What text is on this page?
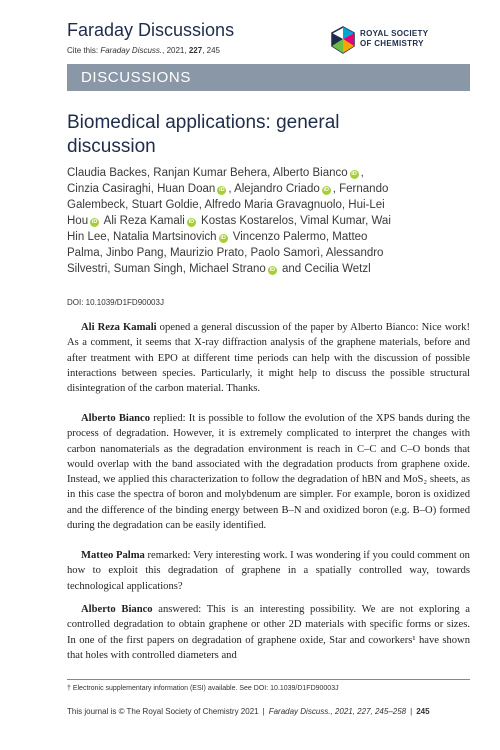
Faraday Discussions
Cite this: Faraday Discuss., 2021, 227, 245
ROYAL SOCIETY
OF CHEMISTRY
DISCUSSIONS
Biomedical applications: general discussion
Claudia Backes, Ranjan Kumar Behera, Alberto Bianco iD , Cinzia Casiraghi, Huan Doan iD , Alejandro Criado iD , Fernando Galembeck, Stuart Goldie, Alfredo Maria Gravagnuolo, Hui-Lei Hou iD Ali Reza Kamali iD Kostas Kostarelos, Vimal Kumar, Wai Hin Lee, Natalia Martsinovich iD Vincenzo Palermo, Matteo Palma, Jinbo Pang, Maurizio Prato, Paolo Samorì, Alessandro Silvestri, Suman Singh, Michael Strano iD and Cecilia Wetzl
DOI: 10.1039/D1FD90003J
Ali Reza Kamali opened a general discussion of the paper by Alberto Bianco: Nice work! As a comment, it seems that X-ray diffraction analysis of the graphene materials, before and after treatment with EPO at different time periods can help with the discussion of possible interactions between species. Particularly, it might help to discuss the possible structural disintegration of the carbon material. Thanks.
Alberto Bianco replied: It is possible to follow the evolution of the XPS bands during the process of degradation. However, it is extremely complicated to interpret the changes with carbon nanomaterials as the degradation environment is reach in C–C and C–O bonds that would overlap with the band associated with the degradation products from graphene oxide. Instead, we applied this characterization to follow the degradation of hBN and MoS₂ sheets, as in this case the spectra of boron and molybdenum are simpler. For example, boron is oxidized and the difference of the binding energy between B–N and oxidized boron (e.g. B–O) formed during the degradation can be easily identified.
Matteo Palma remarked: Very interesting work. I was wondering if you could comment on how to exploit this degradation of graphene in a spatially controlled way, towards technological applications?
Alberto Bianco answered: This is an interesting possibility. We are not exploring a controlled degradation to obtain graphene or other 2D materials with specific forms or sizes. In one of the first papers on degradation of graphene oxide, Star and coworkers¹ have shown that holes with controlled diameters and
† Electronic supplementary information (ESI) available. See DOI: 10.1039/D1FD90003J
This journal is © The Royal Society of Chemistry 2021 | Faraday Discuss., 2021, 227, 245–258 | 245
